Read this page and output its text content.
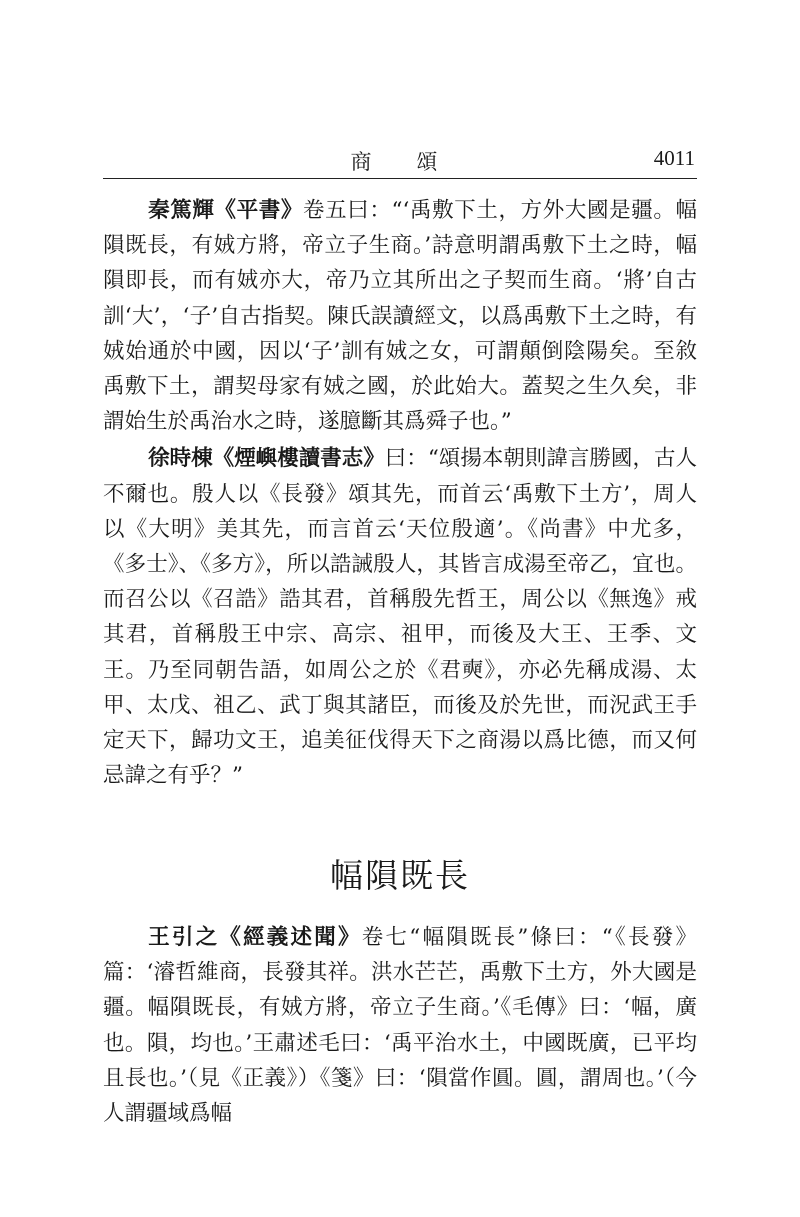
商　頌	4011

秦篤輝《平書》卷五曰：“‘禹敷下土，方外大國是疆。幅隕既長，有娀方將，帝立子生商。’詩意明謂禹敷下土之時，幅隕即長，而有娀亦大，帝乃立其所出之子契而生商。‘將’自古訓‘大’，‘子’自古指契。陳氏誤讀經文，以爲禹敷下土之時，有娀始通於中國，因以‘子’訓有娀之女，可謂顛倒陰陽矣。至敘禹敷下土，謂契母家有娀之國，於此始大。蓋契之生久矣，非謂始生於禹治水之時，遂臆斷其爲舜子也。”

徐時棟《煙嶼樓讀書志》曰：“頌揚本朝則諱言勝國，古人不爾也。殷人以《長發》頌其先，而首云‘禹敷下土方’，周人以《大明》美其先，而言首云‘天位殷適’。《尚書》中尤多，《多士》、《多方》，所以誥誡殷人，其皆言成湯至帝乙，宜也。而召公以《召誥》誥其君，首稱殷先哲王，周公以《無逸》戒其君，首稱殷王中宗、高宗、祖甲，而後及大王、王季、文王。乃至同朝告語，如周公之於《君奭》，亦必先稱成湯、太甲、太戊、祖乙、武丁與其諸臣，而後及於先世，而況武王手定天下，歸功文王，追美征伐得天下之商湯以爲比德，而又何忌諱之有乎？”

幅隕既長

王引之《經義述聞》卷七“幅隕既長”條曰：“《長發》篇：‘濬哲維商，長發其祥。洪水芒芒，禹敷下土方，外大國是疆。幅隕既長，有娀方將，帝立子生商。’《毛傳》曰：‘幅，廣也。隕，均也。’王肅述毛曰：‘禹平治水土，中國既廣，已平均且長也。’（見《正義》）《箋》曰：‘隕當作圓。圓，謂周也。’（今人謂疆域爲幅
